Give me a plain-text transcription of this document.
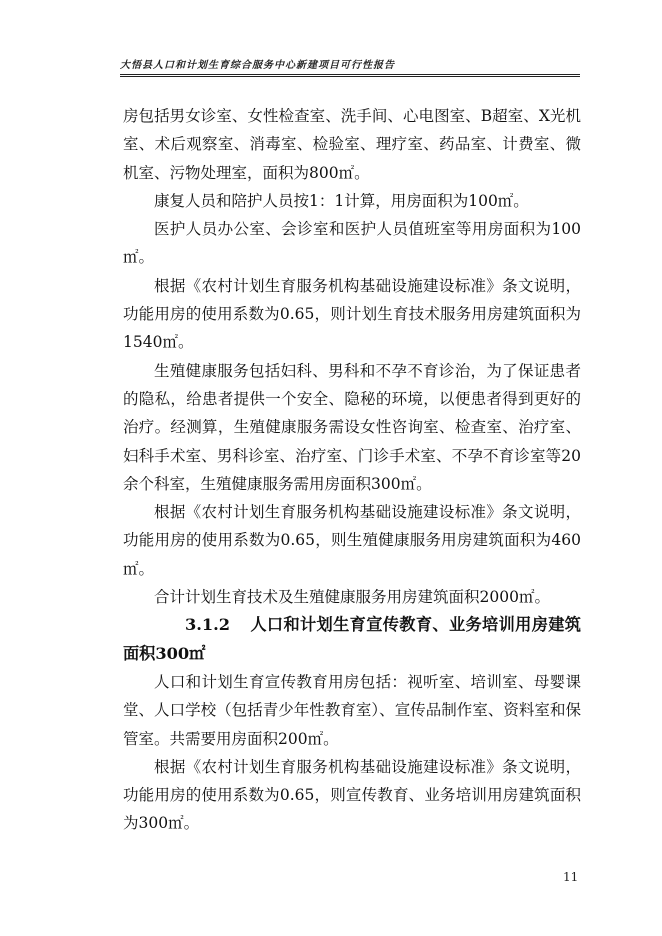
大悟县人口和计划生育综合服务中心新建项目可行性报告

房包括男女诊室、女性检查室、洗手间、心电图室、B超室、X光机室、术后观察室、消毒室、检验室、理疗室、药品室、计费室、微机室、污物处理室，面积为800㎡。

康复人员和陪护人员按1：1计算，用房面积为100㎡。

医护人员办公室、会诊室和医护人员值班室等用房面积为100㎡。

根据《农村计划生育服务机构基础设施建设标准》条文说明，功能用房的使用系数为0.65，则计划生育技术服务用房建筑面积为1540㎡。

生殖健康服务包括妇科、男科和不孕不育诊治，为了保证患者的隐私，给患者提供一个安全、隐秘的环境，以便患者得到更好的治疗。经测算，生殖健康服务需设女性咨询室、检查室、治疗室、妇科手术室、男科诊室、治疗室、门诊手术室、不孕不育诊室等20余个科室，生殖健康服务需用房面积300㎡。

根据《农村计划生育服务机构基础设施建设标准》条文说明，功能用房的使用系数为0.65，则生殖健康服务用房建筑面积为460㎡。

合计计划生育技术及生殖健康服务用房建筑面积2000㎡。

3.1.2 人口和计划生育宣传教育、业务培训用房建筑面积300㎡

人口和计划生育宣传教育用房包括：视听室、培训室、母婴课堂、人口学校（包括青少年性教育室）、宣传品制作室、资料室和保管室。共需要用房面积200㎡。

根据《农村计划生育服务机构基础设施建设标准》条文说明，功能用房的使用系数为0.65，则宣传教育、业务培训用房建筑面积为300㎡。

11
